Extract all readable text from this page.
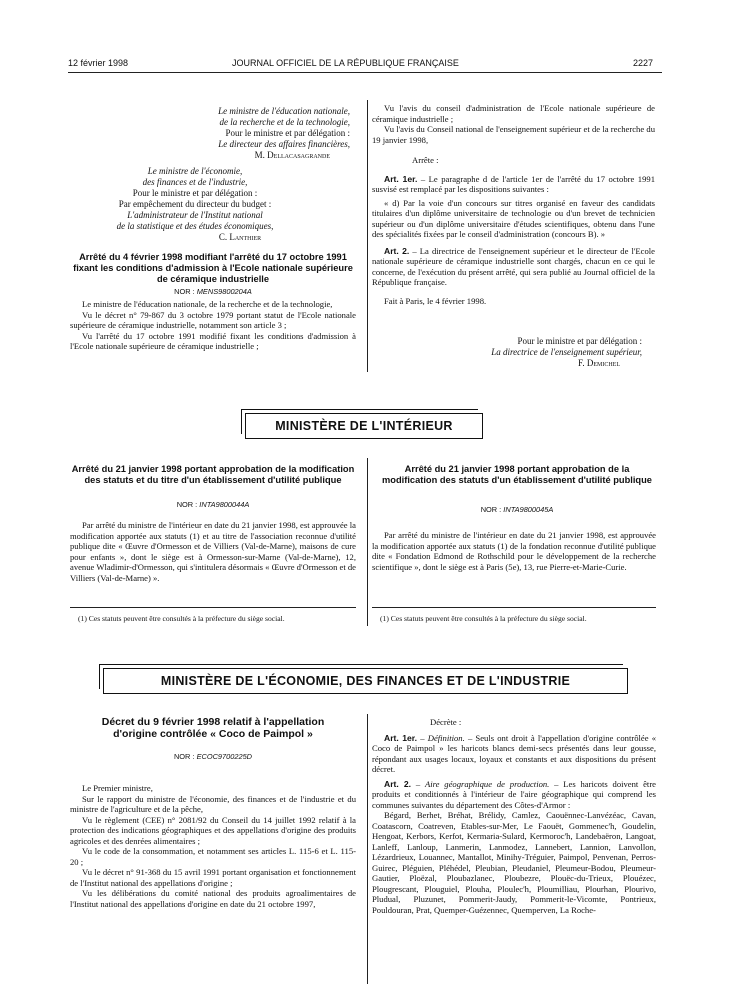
12 février 1998	JOURNAL OFFICIEL DE LA RÉPUBLIQUE FRANÇAISE	2227
Le ministre de l'éducation nationale,
de la recherche et de la technologie,
Pour le ministre et par délégation :
Le directeur des affaires financières,
M. Dellacasagrande
Le ministre de l'économie,
des finances et de l'industrie,
Pour le ministre et par délégation :
Par empêchement du directeur du budget :
L'administrateur de l'Institut national
de la statistique et des études économiques,
C. Lanthier
Arrêté du 4 février 1998 modifiant l'arrêté du 17 octobre 1991 fixant les conditions d'admission à l'Ecole nationale supérieure de céramique industrielle
NOR : MENS9800204A

Le ministre de l'éducation nationale, de la recherche et de la technologie,

Vu le décret n° 79-867 du 3 octobre 1979 portant statut de l'Ecole nationale supérieure de céramique industrielle, notamment son article 3 ;

Vu l'arrêté du 17 octobre 1991 modifié fixant les conditions d'admission à l'Ecole nationale supérieure de céramique industrielle ;

Vu l'avis du conseil d'administration de l'Ecole nationale supérieure de céramique industrielle ;

Vu l'avis du Conseil national de l'enseignement supérieur et de la recherche du 19 janvier 1998,

Arrête :

Art. 1er. – Le paragraphe d de l'article 1er de l'arrêté du 17 octobre 1991 susvisé est remplacé par les dispositions suivantes :

« d) Par la voie d'un concours sur titres organisé en faveur des candidats titulaires d'un diplôme universitaire de technologie ou d'un brevet de technicien supérieur ou d'un diplôme universitaire d'études scientifiques, obtenu dans l'une des spécialités fixées par le conseil d'administration (concours B). »

Art. 2. – La directrice de l'enseignement supérieur et le directeur de l'Ecole nationale supérieure de céramique industrielle sont chargés, chacun en ce qui le concerne, de l'exécution du présent arrêté, qui sera publié au Journal officiel de la République française.

Fait à Paris, le 4 février 1998.

Pour le ministre et par délégation :
La directrice de l'enseignement supérieur,
F. Demichel
MINISTÈRE DE L'INTÉRIEUR
Arrêté du 21 janvier 1998 portant approbation de la modification des statuts et du titre d'un établissement d'utilité publique
NOR : INTA9800044A

Par arrêté du ministre de l'intérieur en date du 21 janvier 1998, est approuvée la modification apportée aux statuts (1) et au titre de l'association reconnue d'utilité publique dite « Œuvre d'Ormesson et de Villiers (Val-de-Marne), maisons de cure pour enfants », dont le siège est à Ormesson-sur-Marne (Val-de-Marne), 12, avenue Wladimir-d'Ormesson, qui s'intitulera désormais « Œuvre d'Ormesson et de Villiers (Val-de-Marne) ».

(1) Ces statuts peuvent être consultés à la préfecture du siège social.
Arrêté du 21 janvier 1998 portant approbation de la modification des statuts d'un établissement d'utilité publique
NOR : INTA9800045A

Par arrêté du ministre de l'intérieur en date du 21 janvier 1998, est approuvée la modification apportée aux statuts (1) de la fondation reconnue d'utilité publique dite « Fondation Edmond de Rothschild pour le développement de la recherche scientifique », dont le siège est à Paris (5e), 13, rue Pierre-et-Marie-Curie.

(1) Ces statuts peuvent être consultés à la préfecture du siège social.
MINISTÈRE DE L'ÉCONOMIE, DES FINANCES ET DE L'INDUSTRIE
Décret du 9 février 1998 relatif à l'appellation d'origine contrôlée « Coco de Paimpol »
NOR : ECOC9700225D

Le Premier ministre,

Sur le rapport du ministre de l'économie, des finances et de l'industrie et du ministre de l'agriculture et de la pêche,

Vu le règlement (CEE) n° 2081/92 du Conseil du 14 juillet 1992 relatif à la protection des indications géographiques et des appellations d'origine des produits agricoles et des denrées alimentaires ;

Vu le code de la consommation, et notamment ses articles L. 115-6 et L. 115-20 ;

Vu le décret n° 91-368 du 15 avril 1991 portant organisation et fonctionnement de l'Institut national des appellations d'origine ;

Vu les délibérations du comité national des produits agroalimentaires de l'Institut national des appellations d'origine en date du 21 octobre 1997,

Décrète :

Art. 1er. – Définition. – Seuls ont droit à l'appellation d'origine contrôlée « Coco de Paimpol » les haricots blancs demi-secs présentés dans leur gousse, répondant aux usages locaux, loyaux et constants et aux dispositions du présent décret.

Art. 2. – Aire géographique de production. – Les haricots doivent être produits et conditionnés à l'intérieur de l'aire géographique qui comprend les communes suivantes du département des Côtes-d'Armor :

Bégard, Berhet, Bréhat, Brélidy, Camlez, Caouënnec-Lanvézéac, Cavan, Coatascorn, Coatreven, Etables-sur-Mer, Le Faouët, Gommenec'h, Goudelin, Hengoat, Kerbors, Kerfot, Kermaria-Sulard, Kermoroc'h, Landebaëron, Langoat, Lanleff, Lanloup, Lanmerin, Lanmodez, Lannebert, Lannion, Lanvollon, Lézardrieux, Louannec, Mantallot, Minihy-Tréguier, Paimpol, Penvenan, Perros-Guirec, Pléguien, Pléhédel, Pleubian, Pleudaniel, Pleumeur-Bodou, Pleumeur-Gautier, Ploëzal, Ploubazlanec, Ploubezre, Plouëc-du-Trieux, Plouézec, Plougrescant, Plouguiel, Plouha, Ploulec'h, Ploumilliau, Plourhan, Plourivo, Pludual, Pluzunet, Pommerit-Jaudy, Pommerit-le-Vicomte, Pontrieux, Pouldouran, Prat, Quemper-Guézennec, Quemperven, La Roche-
